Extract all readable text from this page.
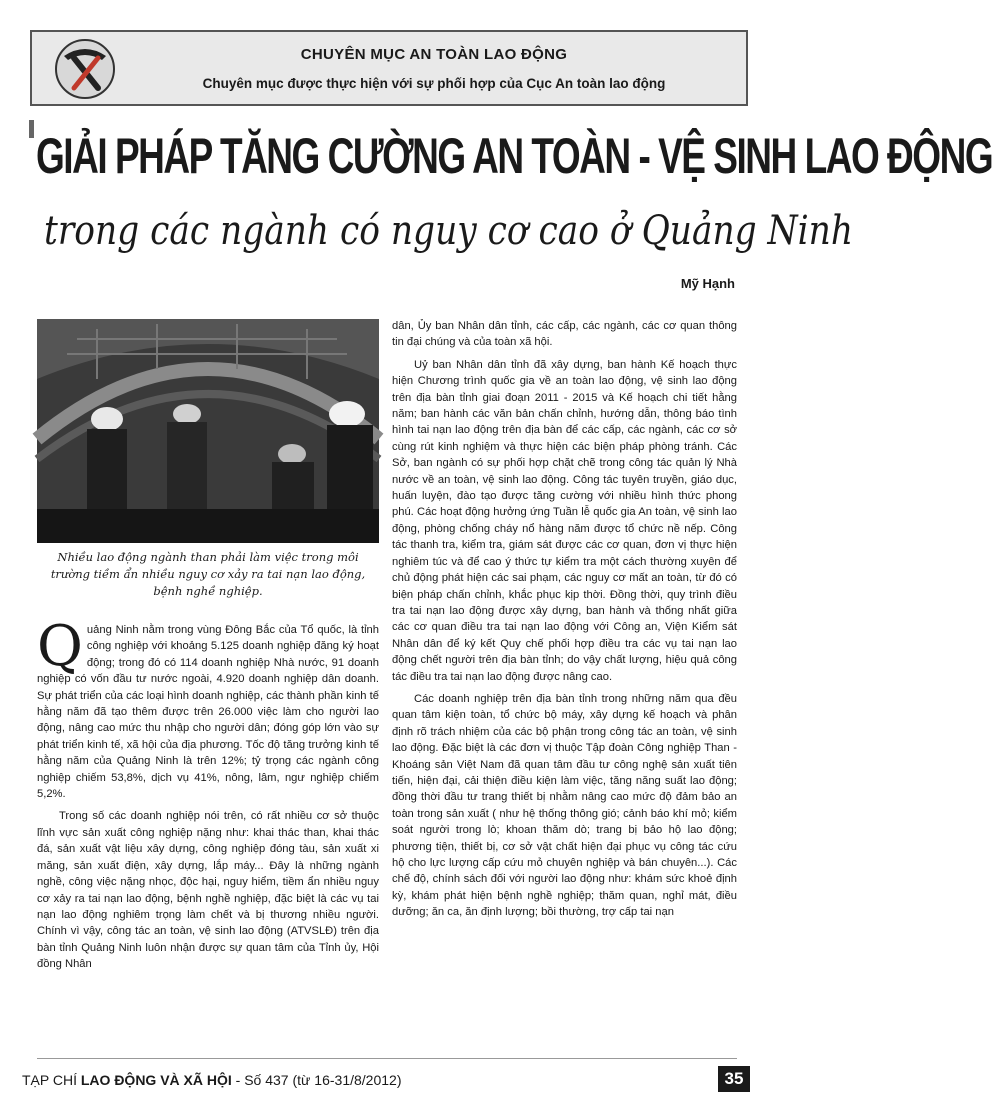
CHUYÊN MỤC AN TOÀN LAO ĐỘNG
Chuyên mục được thực hiện với sự phối hợp của Cục An toàn lao động
GIẢI PHÁP TĂNG CƯỜNG AN TOÀN - VỆ SINH LAO ĐỘNG
trong các ngành có nguy cơ cao ở Quảng Ninh
Mỹ Hạnh
Nhiều lao động ngành than phải làm việc trong môi trường tiềm ẩn nhiều nguy cơ xảy ra tai nạn lao động, bệnh nghề nghiệp.

Quảng Ninh nằm trong vùng Đông Bắc của Tổ quốc, là tỉnh công nghiệp với khoảng 5.125 doanh nghiệp đăng ký hoạt động; trong đó có 114 doanh nghiệp Nhà nước, 91 doanh nghiệp có vốn đầu tư nước ngoài, 4.920 doanh nghiệp dân doanh. Sự phát triển của các loại hình doanh nghiệp, các thành phần kinh tế hằng năm đã tạo thêm được trên 26.000 việc làm cho người lao động, nâng cao mức thu nhập cho người dân; đóng góp lớn vào sự phát triển kinh tế, xã hội của địa phương. Tốc độ tăng trưởng kinh tế hằng năm của Quảng Ninh là trên 12%; tỷ trọng các ngành công nghiệp chiếm 53,8%, dịch vụ 41%, nông, lâm, ngư nghiệp chiếm 5,2%.

Trong số các doanh nghiệp nói trên, có rất nhiều cơ sở thuộc lĩnh vực sản xuất công nghiệp nặng như: khai thác than, khai thác đá, sản xuất vật liệu xây dựng, công nghiệp đóng tàu, sản xuất xi măng, sản xuất điện, xây dựng, lắp máy... Đây là những ngành nghề, công việc nặng nhọc, độc hại, nguy hiểm, tiềm ẩn nhiều nguy cơ xảy ra tai nạn lao động, bệnh nghề nghiệp, đặc biệt là các vụ tai nạn lao động nghiêm trọng làm chết và bị thương nhiều người. Chính vì vậy, công tác an toàn, vệ sinh lao động (ATVSLĐ) trên địa bàn tỉnh Quảng Ninh luôn nhận được sự quan tâm của Tỉnh ủy, Hội đồng Nhân

dân, Ủy ban Nhân dân tỉnh, các cấp, các ngành, các cơ quan thông tin đại chúng và của toàn xã hội.

Uỷ ban Nhân dân tỉnh đã xây dựng, ban hành Kế hoạch thực hiện Chương trình quốc gia về an toàn lao động, vệ sinh lao động trên địa bàn tỉnh giai đoạn 2011 - 2015 và Kế hoạch chi tiết hằng năm; ban hành các văn bản chấn chỉnh, hướng dẫn, thông báo tình hình tai nạn lao động trên địa bàn để các cấp, các ngành, các cơ sở cùng rút kinh nghiệm và thực hiện các biện pháp phòng tránh. Các Sở, ban ngành có sự phối hợp chặt chẽ trong công tác quản lý Nhà nước về an toàn, vệ sinh lao động. Công tác tuyên truyền, giáo dục, huấn luyện, đào tạo được tăng cường với nhiều hình thức phong phú. Các hoạt động hưởng ứng Tuần lễ quốc gia An toàn, vệ sinh lao động, phòng chống cháy nổ hàng năm được tổ chức nề nếp. Công tác thanh tra, kiểm tra, giám sát được các cơ quan, đơn vị thực hiện nghiêm túc và để cao ý thức tự kiểm tra một cách thường xuyên để chủ động phát hiện các sai phạm, các nguy cơ mất an toàn, từ đó có biện pháp chấn chỉnh, khắc phục kịp thời. Đồng thời, quy trình điều tra tai nạn lao động được xây dựng, ban hành và thống nhất giữa các cơ quan điều tra tai nạn lao động với Công an, Viện Kiểm sát Nhân dân để ký kết Quy chế phối hợp điều tra các vụ tai nạn lao động chết người trên địa bàn tỉnh; do vậy chất lượng, hiệu quả công tác điều tra tai nạn lao động được nâng cao.

Các doanh nghiệp trên địa bàn tỉnh trong những năm qua đều quan tâm kiện toàn, tổ chức bộ máy, xây dựng kế hoạch và phân định rõ trách nhiệm của các bộ phận trong công tác an toàn, vệ sinh lao động. Đặc biệt là các đơn vị thuộc Tập đoàn Công nghiệp Than - Khoáng sản Việt Nam đã quan tâm đầu tư công nghệ sản xuất tiên tiến, hiện đại, cải thiện điều kiện làm việc, tăng năng suất lao động; đồng thời đầu tư trang thiết bị nhằm nâng cao mức độ đảm bảo an toàn trong sản xuất ( như hệ thống thông gió; cảnh báo khí mỏ; kiểm soát người trong lò; khoan thăm dò; trang bị bảo hộ lao động; phương tiện, thiết bị, cơ sở vật chất hiện đại phục vụ công tác cứu hộ cho lực lượng cấp cứu mỏ chuyên nghiệp và bán chuyên...). Các chế độ, chính sách đối với người lao động như: khám sức khoẻ định kỳ, khám phát hiện bệnh nghề nghiệp; thăm quan, nghỉ mát, điều dưỡng; ăn ca, ăn định lượng; bồi thường, trợ cấp tai nạn

TẠP CHÍ LAO ĐỘNG VÀ XÃ HỘI - Số 437 (từ 16-31/8/2012)	35
